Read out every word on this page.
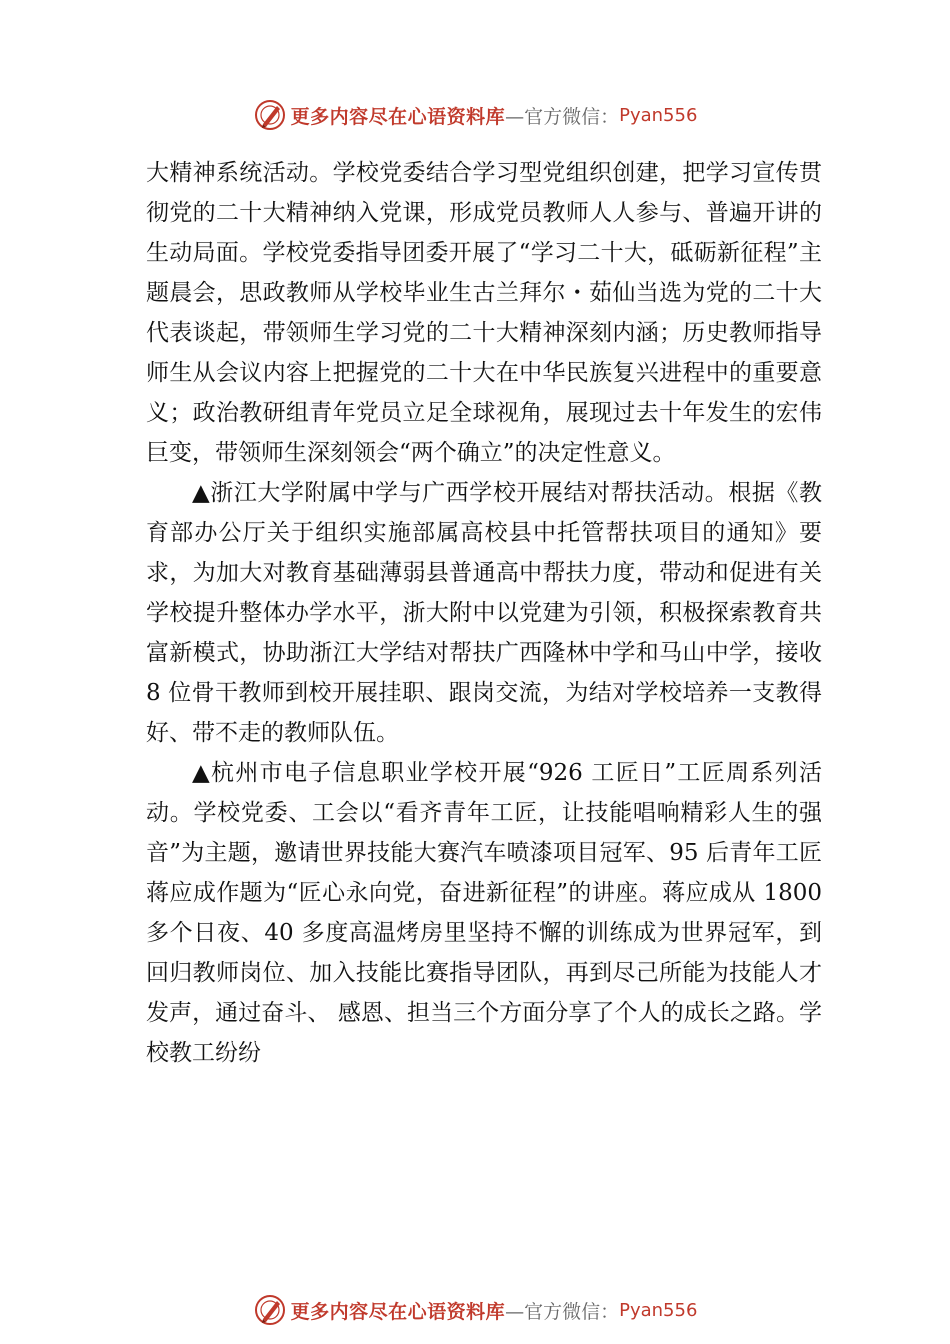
更多内容尽在心语资料库 —官方微信： Pyan556

大精神系统活动。学校党委结合学习型党组织创建，把学习宣传贯彻党的二十大精神纳入党课，形成党员教师人人参与、普遍开讲的生动局面。学校党委指导团委开展了“学习二十大，砥砺新征程”主题晨会，思政教师从学校毕业生古兰拜尔・茹仙当选为党的二十大代表谈起，带领师生学习党的二十大精神深刻内涵；历史教师指导师生从会议内容上把握党的二十大在中华民族复兴进程中的重要意义；政治教研组青年党员立足全球视角，展现过去十年发生的宏伟巨变，带领师生深刻领会“两个确立”的决定性意义。

▲浙江大学附属中学与广西学校开展结对帮扶活动。根据《教育部办公厅关于组织实施部属高校县中托管帮扶项目的通知》要求，为加大对教育基础薄弱县普通高中帮扶力度，带动和促进有关学校提升整体办学水平，浙大附中以党建为引领，积极探索教育共富新模式，协助浙江大学结对帮扶广西隆林中学和马山中学，接收 8 位骨干教师到校开展挂职、跟岗交流，为结对学校培养一支教得好、带不走的教师队伍。

▲杭州市电子信息职业学校开展“926 工匠日”工匠周系列活动。学校党委、工会以“看齐青年工匠，让技能唱响精彩人生的强音”为主题，邀请世界技能大赛汽车喷漆项目冠军、95 后青年工匠蒋应成作题为“匠心永向党，奋进新征程”的讲座。蒋应成从 1800 多个日夜、40 多度高温烤房里坚持不懈的训练成为世界冠军，到回归教师岗位、加入技能比赛指导团队，再到尽己所能为技能人才发声，通过奋斗、 感恩、担当三个方面分享了个人的成长之路。学校教工纷纷

更多内容尽在心语资料库 —官方微信： Pyan556
